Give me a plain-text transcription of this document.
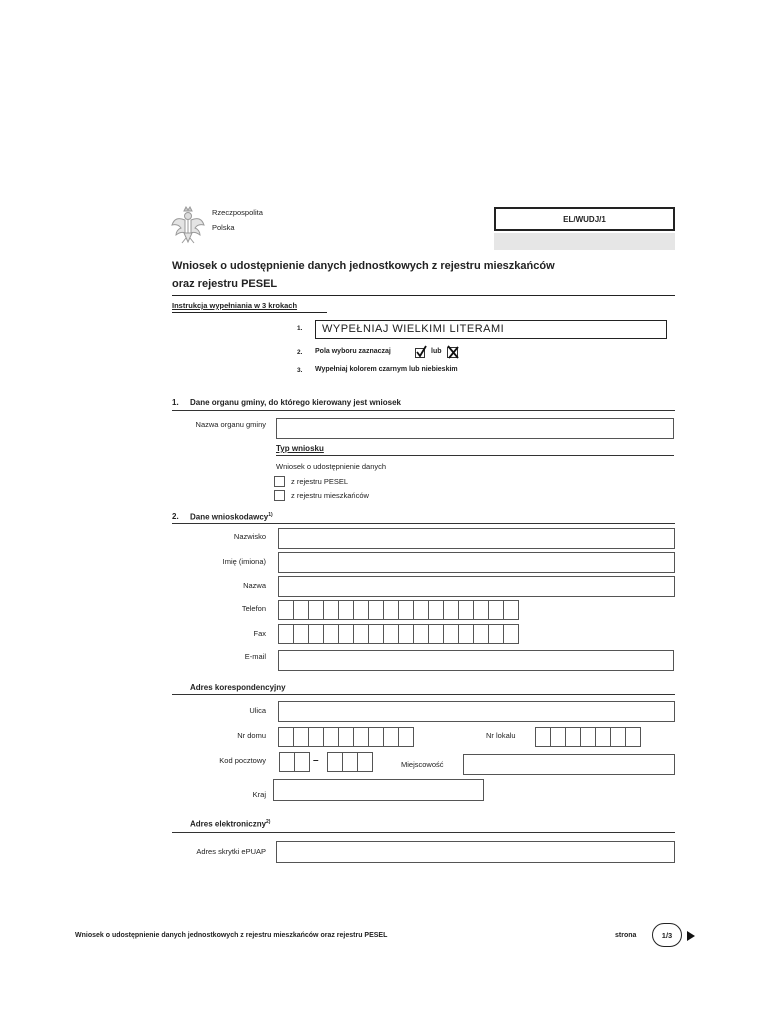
Rzeczpospolita
Polska
EL/WUDJ/1
Wniosek o udostępnienie danych jednostkowych z rejestru mieszkańców
oraz rejestru PESEL
Instrukcja wypełniania w 3 krokach
1.	WYPEŁNIAJ WIELKIMI LITERAMI
2. Pola wyboru zaznaczaj	lub
3. Wypełniaj kolorem czarnym lub niebieskim
1. Dane organu gminy, do którego kierowany jest wniosek
Nazwa organu gminy
Typ wniosku
Wniosek o udostępnienie danych
z rejestru PESEL
z rejestru mieszkańców
2. Dane wnioskodawcy$^{1)}$
Nazwisko
Imię (imiona)
Nazwa
Telefon
Fax
E-mail
Adres korespondencyjny
Ulica
Nr domu	Nr lokalu
Kod pocztowy	–	Miejscowość
Kraj
Adres elektroniczny$^{2)}$
Adres skrytki ePUAP
Wniosek o udostępnienie danych jednostkowych z rejestru mieszkańców oraz rejestru PESEL	strona	1/3
